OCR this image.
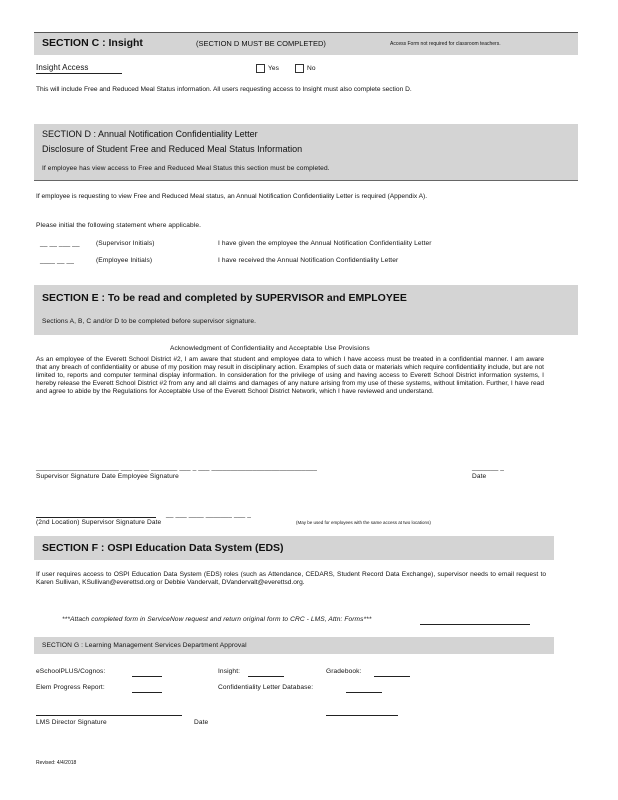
SECTION C : Insight	(SECTION D MUST BE COMPLETED)	Access Form not required for classroom teachers.
Insight Access	Yes	No
This will include Free and Reduced Meal Status information. All users requesting access to Insight must also complete section D.
SECTION D : Annual Notification Confidentiality Letter
Disclosure of Student Free and Reduced Meal Status Information
If employee has view access to Free and Reduced Meal Status this section must be completed.
If employee is requesting to view Free and Reduced Meal status, an Annual Notification Confidentiality Letter is required (Appendix A).
Please initial the following statement where applicable.
__ __ ___ __ (Supervisor Initials)	I have given the employee the Annual Notification Confidentiality Letter
____ __ __	(Employee Initials)	I have received the Annual Notification Confidentiality Letter
SECTION E : To be read and completed by SUPERVISOR and EMPLOYEE
Sections A, B, C and/or D to be completed before supervisor signature.
Acknowledgment of Confidentiality and Acceptable Use Provisions
As an employee of the Everett School District #2, I am aware that student and employee data to which I have access must be treated in a confidential manner. I am aware that any breach of confidentiality or abuse of my position may result in disciplinary action. Examples of such data or materials which require confidentiality include, but are not limited to, reports and computer terminal display information. In consideration for the privilege of using and having access to Everett School District information systems, I hereby release the Everett School District #2 from any and all claims and damages of any nature arising from my use of these systems, without limitation. Further, I have read and agree to abide by the Regulations for Acceptable Use of the Everett School District Network, which I have reviewed and understand.
______________________ ___ ____ _______ ___ _ ___ ____________________________	_______ _
Supervisor Signature Date Employee Signature	Date
__ ___ ____ _______ ___ _
(2nd Location) Supervisor Signature Date	(May be used for employees with the same access at two locations)
SECTION F : OSPI Education Data System (EDS)
If user requires access to OSPI Education Data System (EDS) roles (such as Attendance, CEDARS, Student Record Data Exchange), supervisor needs to email request to Karen Sullivan, KSullivan@everettsd.org or Debbie Vandervalt, DVandervalt@everettsd.org.
***Attach completed form in ServiceNow request and return original form to CRC - LMS, Attn: Forms***
SECTION G : Learning Management Services Department Approval
eSchoolPLUS/Cognos:	Insight:	Gradebook:
Elem Progress Report:	Confidentiality Letter Database:
LMS Director Signature	Date
Revised: 4/4/2018
